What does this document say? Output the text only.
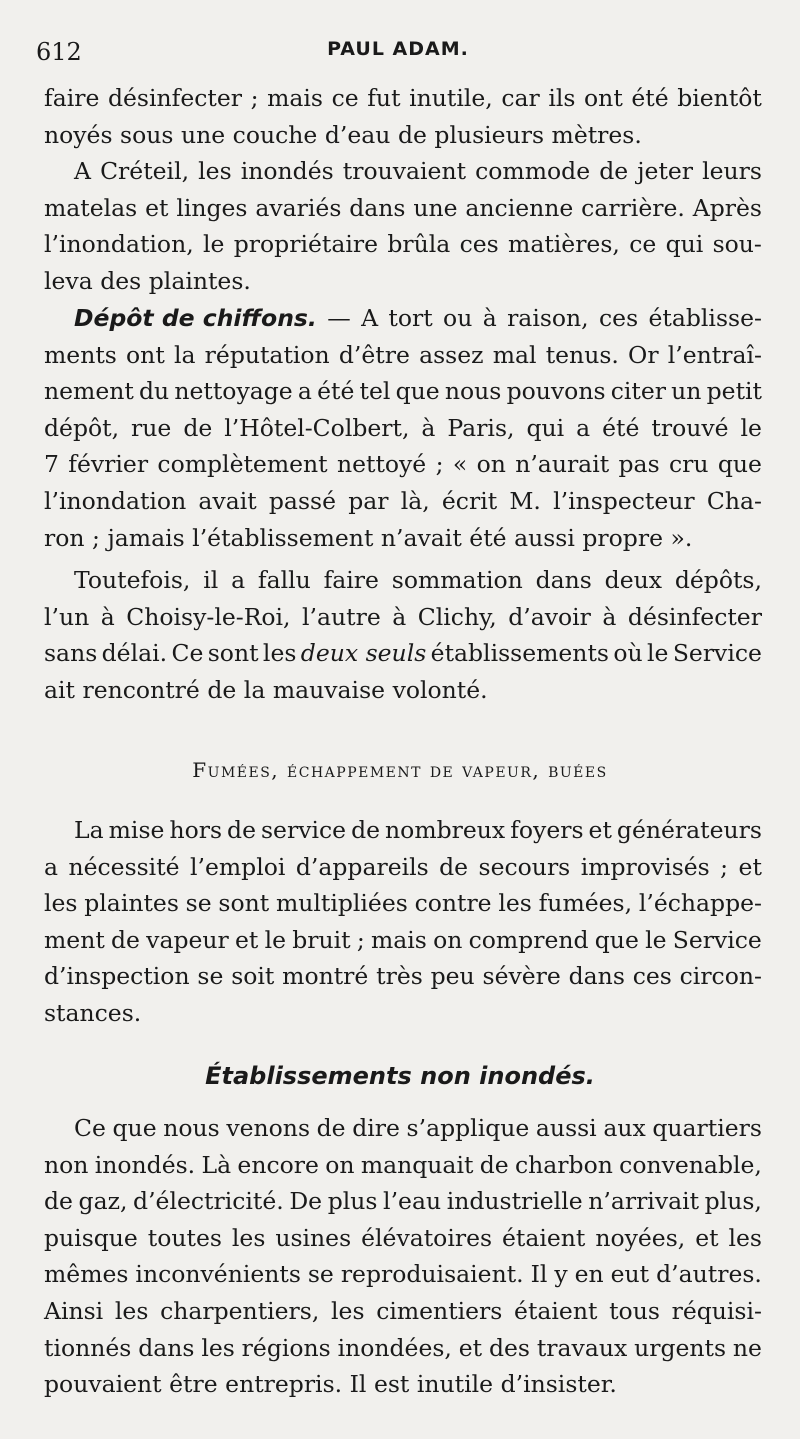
612	PAUL ADAM.
faire désinfecter ; mais ce fut inutile, car ils ont été bientôt
noyés sous une couche d’eau de plusieurs mètres.
A Créteil, les inondés trouvaient commode de jeter leurs
matelas et linges avariés dans une ancienne carrière. Après
l’inondation, le propriétaire brûla ces matières, ce qui sou-
leva des plaintes.
Dépôt de chiffons. — A tort ou à raison, ces établisse-
ments ont la réputation d’être assez mal tenus. Or l’entraî-
nement du nettoyage a été tel que nous pouvons citer un petit
dépôt, rue de l’Hôtel-Colbert, à Paris, qui a été trouvé le
7 février complètement nettoyé ; « on n’aurait pas cru que
l’inondation avait passé par là, écrit M. l’inspecteur Cha-
ron ; jamais l’établissement n’avait été aussi propre ».
Toutefois, il a fallu faire sommation dans deux dépôts,
l’un à Choisy-le-Roi, l’autre à Clichy, d’avoir à désinfecter
sans délai. Ce sont les deux seuls établissements où le Service
ait rencontré de la mauvaise volonté.
Fumées, échappement de vapeur, buées
La mise hors de service de nombreux foyers et générateurs
a nécessité l’emploi d’appareils de secours improvisés ; et
les plaintes se sont multipliées contre les fumées, l’échappe-
ment de vapeur et le bruit ; mais on comprend que le Service
d’inspection se soit montré très peu sévère dans ces circon-
stances.
Établissements non inondés.
Ce que nous venons de dire s’applique aussi aux quartiers
non inondés. Là encore on manquait de charbon convenable,
de gaz, d’électricité. De plus l’eau industrielle n’arrivait plus,
puisque toutes les usines élévatoires étaient noyées, et les
mêmes inconvénients se reproduisaient. Il y en eut d’autres.
Ainsi les charpentiers, les cimentiers étaient tous réquisi-
tionnés dans les régions inondées, et des travaux urgents ne
pouvaient être entrepris. Il est inutile d’insister.
